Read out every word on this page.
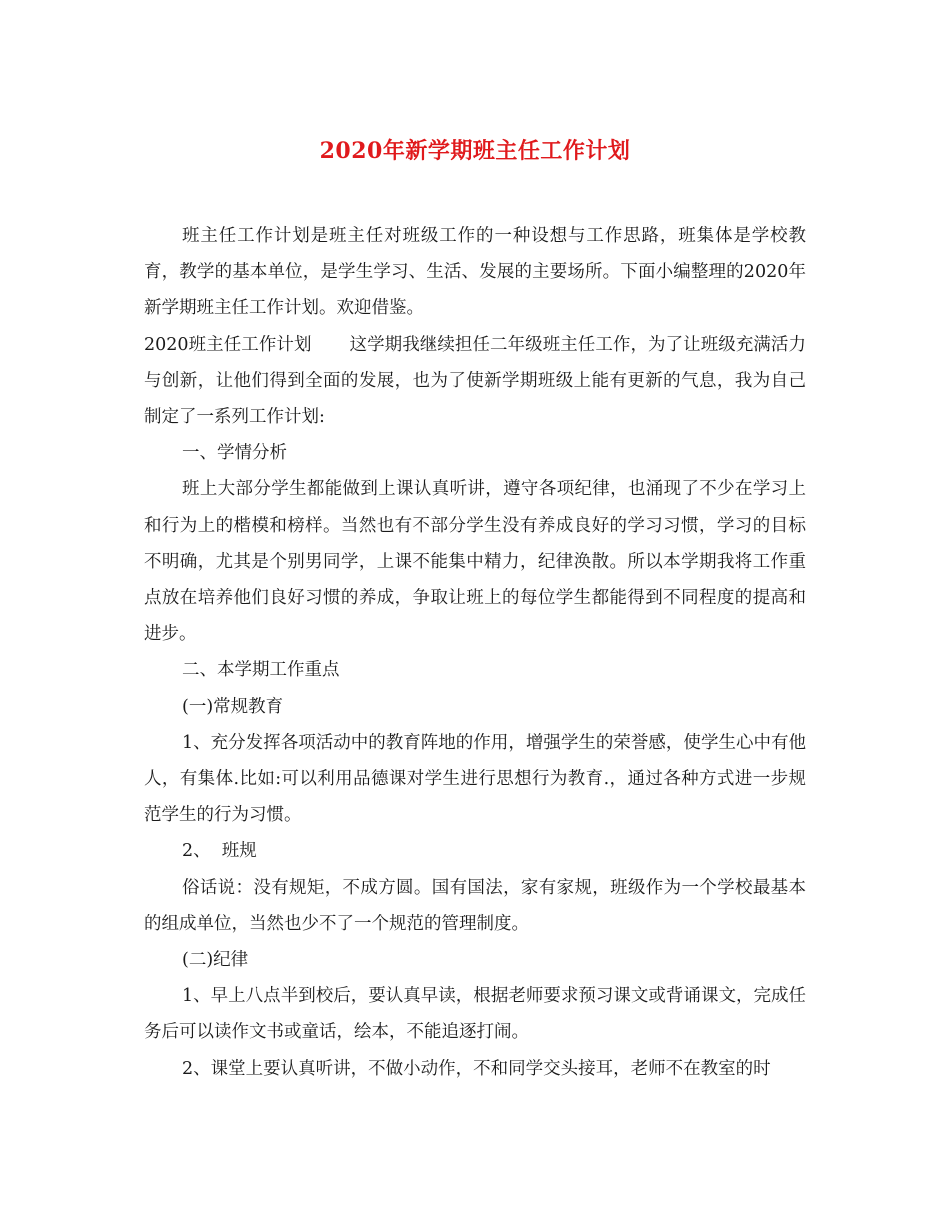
2020年新学期班主任工作计划

班主任工作计划是班主任对班级工作的一种设想与工作思路，班集体是学校教育，教学的基本单位，是学生学习、生活、发展的主要场所。下面小编整理的2020年新学期班主任工作计划。欢迎借鉴。

2020班主任工作计划 这学期我继续担任二年级班主任工作，为了让班级充满活力与创新，让他们得到全面的发展，也为了使新学期班级上能有更新的气息，我为自己制定了一系列工作计划:

一、学情分析

班上大部分学生都能做到上课认真听讲，遵守各项纪律，也涌现了不少在学习上和行为上的楷模和榜样。当然也有不部分学生没有养成良好的学习习惯，学习的目标不明确，尤其是个别男同学，上课不能集中精力，纪律涣散。所以本学期我将工作重点放在培养他们良好习惯的养成，争取让班上的每位学生都能得到不同程度的提高和进步。

二、本学期工作重点

(一)常规教育

1、充分发挥各项活动中的教育阵地的作用，增强学生的荣誉感，使学生心中有他人，有集体.比如:可以利用品德课对学生进行思想行为教育.，通过各种方式进一步规范学生的行为习惯。

2、  班规

俗话说：没有规矩，不成方圆。国有国法，家有家规，班级作为一个学校最基本的组成单位，当然也少不了一个规范的管理制度。

(二)纪律

1、早上八点半到校后，要认真早读，根据老师要求预习课文或背诵课文，完成任务后可以读作文书或童话，绘本，不能追逐打闹。

2、课堂上要认真听讲，不做小动作，不和同学交头接耳，老师不在教室的时
